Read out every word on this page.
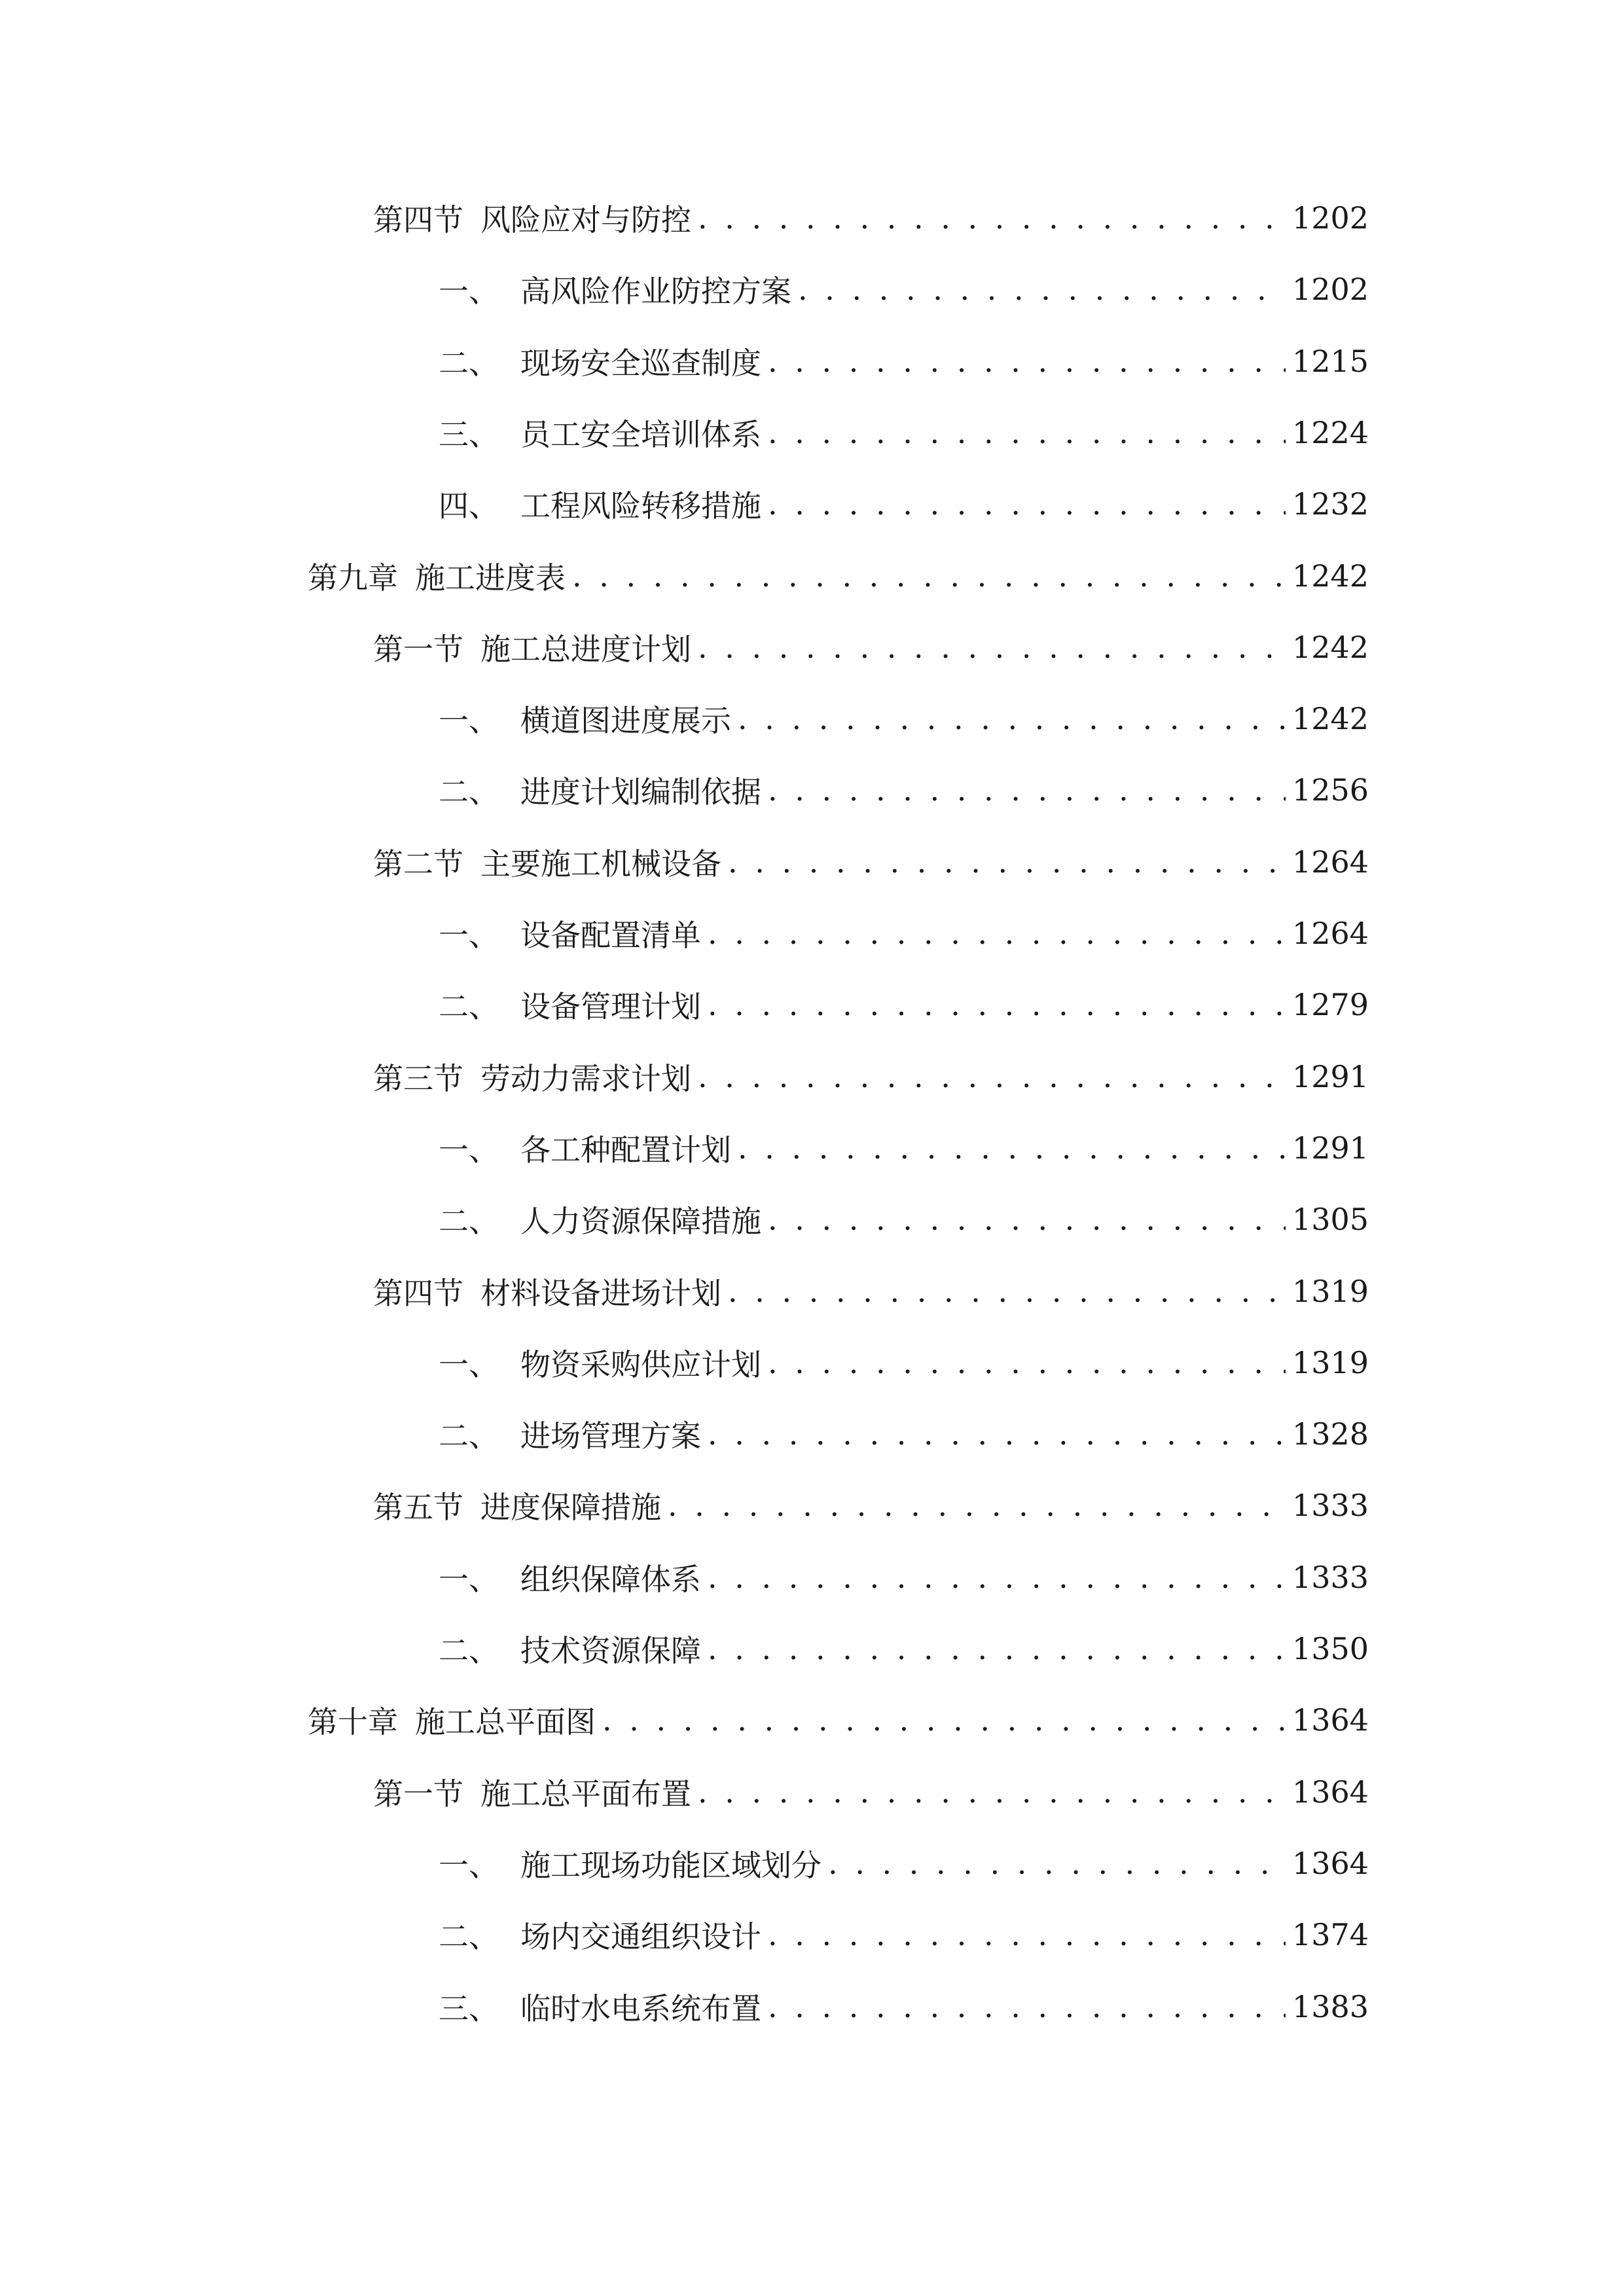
第四节 风险应对与防控 . . .	1202
一、 高风险作业防控方案 . . .	1202
二、 现场安全巡查制度 . . .	1215
三、 员工安全培训体系 . . .	1224
四、 工程风险转移措施 . . .	1232
第九章 施工进度表 . . .	1242
第一节 施工总进度计划 . . .	1242
一、 横道图进度展示 . . .	1242
二、 进度计划编制依据 . . .	1256
第二节 主要施工机械设备 . . .	1264
一、 设备配置清单 . . .	1264
二、 设备管理计划 . . .	1279
第三节 劳动力需求计划 . . .	1291
一、 各工种配置计划 . . .	1291
二、 人力资源保障措施 . . .	1305
第四节 材料设备进场计划 . . .	1319
一、 物资采购供应计划 . . .	1319
二、 进场管理方案 . . .	1328
第五节 进度保障措施 . . .	1333
一、 组织保障体系 . . .	1333
二、 技术资源保障 . . .	1350
第十章 施工总平面图 . . .	1364
第一节 施工总平面布置 . . .	1364
一、 施工现场功能区域划分 . . .	1364
二、 场内交通组织设计 . . .	1374
三、 临时水电系统布置 . . .	1383
